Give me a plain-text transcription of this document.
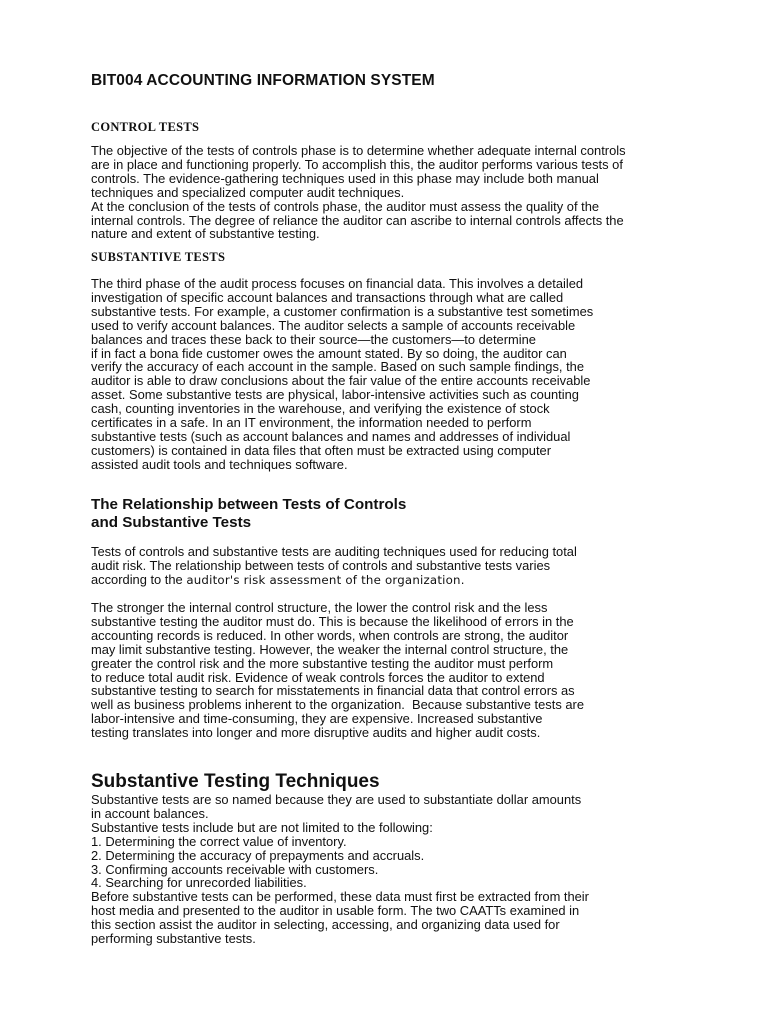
BIT004 ACCOUNTING INFORMATION SYSTEM
CONTROL TESTS

The objective of the tests of controls phase is to determine whether adequate internal controls
are in place and functioning properly. To accomplish this, the auditor performs various tests of
controls. The evidence-gathering techniques used in this phase may include both manual
techniques and specialized computer audit techniques.
At the conclusion of the tests of controls phase, the auditor must assess the quality of the
internal controls. The degree of reliance the auditor can ascribe to internal controls affects the
nature and extent of substantive testing.

SUBSTANTIVE TESTS

The third phase of the audit process focuses on financial data. This involves a detailed
investigation of specific account balances and transactions through what are called
substantive tests. For example, a customer confirmation is a substantive test sometimes
used to verify account balances. The auditor selects a sample of accounts receivable
balances and traces these back to their source—the customers—to determine
if in fact a bona fide customer owes the amount stated. By so doing, the auditor can
verify the accuracy of each account in the sample. Based on such sample findings, the
auditor is able to draw conclusions about the fair value of the entire accounts receivable
asset. Some substantive tests are physical, labor-intensive activities such as counting
cash, counting inventories in the warehouse, and verifying the existence of stock
certificates in a safe. In an IT environment, the information needed to perform
substantive tests (such as account balances and names and addresses of individual
customers) is contained in data files that often must be extracted using computer
assisted audit tools and techniques software.

The Relationship between Tests of Controls
and Substantive Tests

Tests of controls and substantive tests are auditing techniques used for reducing total
audit risk. The relationship between tests of controls and substantive tests varies
according to the auditor's risk assessment of the organization.

The stronger the internal control structure, the lower the control risk and the less
substantive testing the auditor must do. This is because the likelihood of errors in the
accounting records is reduced. In other words, when controls are strong, the auditor
may limit substantive testing. However, the weaker the internal control structure, the
greater the control risk and the more substantive testing the auditor must perform
to reduce total audit risk. Evidence of weak controls forces the auditor to extend
substantive testing to search for misstatements in financial data that control errors as
well as business problems inherent to the organization.  Because substantive tests are
labor-intensive and time-consuming, they are expensive. Increased substantive
testing translates into longer and more disruptive audits and higher audit costs.

Substantive Testing Techniques

Substantive tests are so named because they are used to substantiate dollar amounts
in account balances.
Substantive tests include but are not limited to the following:
1. Determining the correct value of inventory.
2. Determining the accuracy of prepayments and accruals.
3. Confirming accounts receivable with customers.
4. Searching for unrecorded liabilities.
Before substantive tests can be performed, these data must first be extracted from their
host media and presented to the auditor in usable form. The two CAATTs examined in
this section assist the auditor in selecting, accessing, and organizing data used for
performing substantive tests.
